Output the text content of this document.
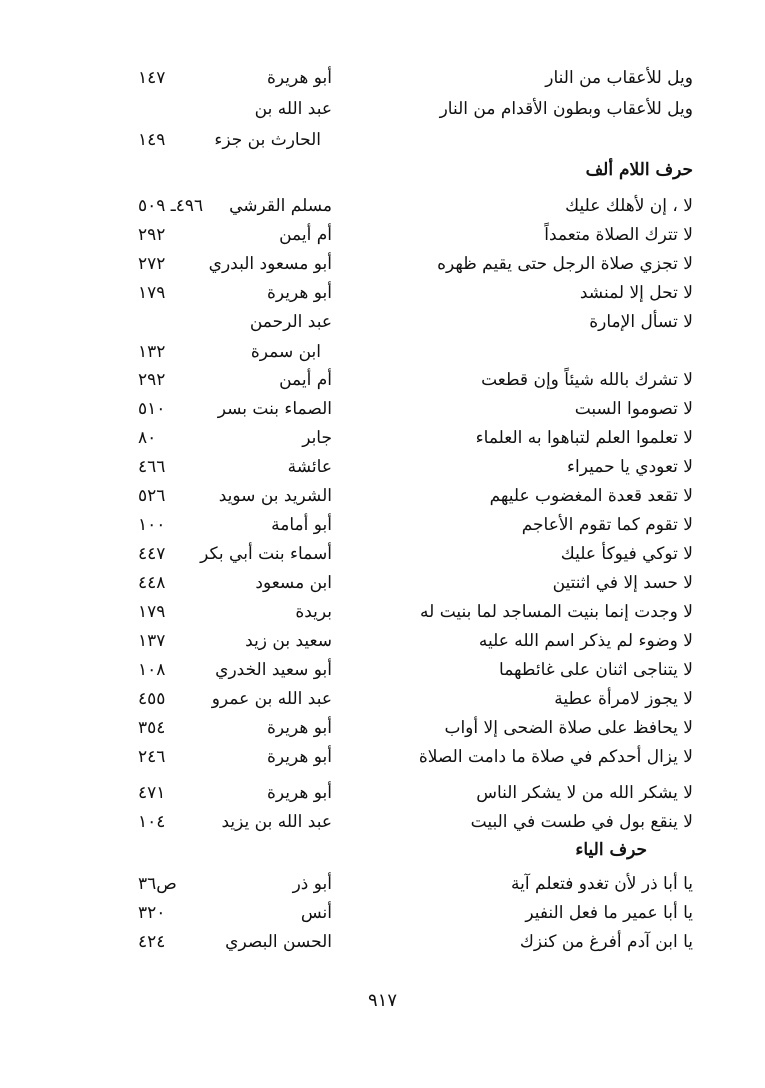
ويل للأعقاب من النار
أبو هريرة
١٤٧
ويل للأعقاب وبطون الأقدام من النار
عبد الله بن
الحارث بن جزء
١٤٩
حرف اللام ألف
لا ، إن لأهلك عليك
مسلم القرشي
٤٩٦ـ ٥٠٩
لا تترك الصلاة متعمداً
أم أيمن
٢٩٢
لا تجزي صلاة الرجل حتى يقيم ظهره
أبو مسعود البدري
٢٧٢
لا تحل إلا لمنشد
أبو هريرة
١٧٩
لا تسأل الإمارة
عبد الرحمن
ابن سمرة
١٣٢
لا تشرك بالله شيئاً وإن قطعت
أم أيمن
٢٩٢
لا تصوموا السبت
الصماء بنت بسر
٥١٠
لا تعلموا العلم لتباهوا به العلماء
جابر
٨٠
لا تعودي يا حميراء
عائشة
٤٦٦
لا تقعد قعدة المغضوب عليهم
الشريد بن سويد
٥٢٦
لا تقوم كما تقوم الأعاجم
أبو أمامة
١٠٠
لا توكي فيوكأ عليك
أسماء بنت أبي بكر
٤٤٧
لا حسد إلا في اثنتين
ابن مسعود
٤٤٨
لا وجدت إنما بنيت المساجد لما بنيت له
بريدة
١٧٩
لا وضوء لم يذكر اسم الله عليه
سعيد بن زيد
١٣٧
لا يتناجى اثنان على غائطهما
أبو سعيد الخدري
١٠٨
لا يجوز لامرأة عطية
عبد الله بن عمرو
٤٥٥
لا يحافظ على صلاة الضحى إلا أواب
أبو هريرة
٣٥٤
لا يزال أحدكم في صلاة ما دامت الصلاة
أبو هريرة
٢٤٦
لا يشكر الله من لا يشكر الناس
أبو هريرة
٤٧١
لا ينقع بول في طست في البيت
عبد الله بن يزيد
١٠٤
حرف الياء
يا أبا ذر لأن تغدو فتعلم آية
أبو ذر
ص٣٦
يا أبا عمير ما فعل النفير
أنس
٣٢٠
يا ابن آدم أفرغ من كنزك
الحسن البصري
٤٢٤
٩١٧
